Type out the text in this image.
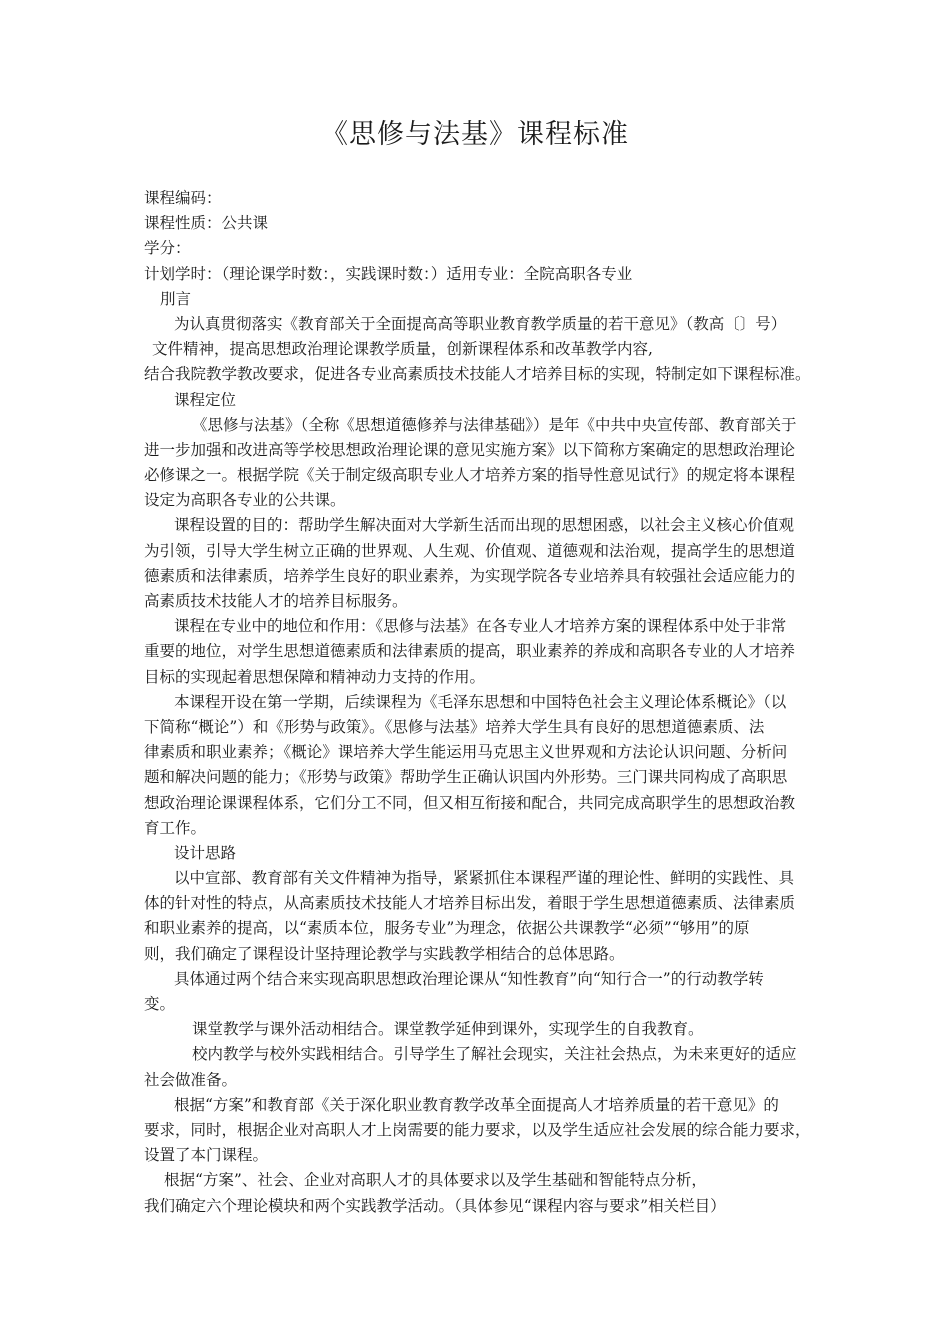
《思修与法基》课程标准
课程编码：
课程性质：公共课
学分：
计划学时：（理论课学时数：，实践课时数：）适用专业：全院高职各专业
刖言
为认真贯彻落实《教育部关于全面提高高等职业教育教学质量的若干意见》（教高〔〕号）
文件精神，提高思想政治理论课教学质量，创新课程体系和改革教学内容,
结合我院教学教改要求，促进各专业高素质技术技能人才培养目标的实现，特制定如下课程标准。
课程定位
《思修与法基》（全称《思想道德修养与法律基础》）是年《中共中央宣传部、教育部关于
进一步加强和改进高等学校思想政治理论课的意见实施方案》以下简称方案确定的思想政治理论
必修课之一。根据学院《关于制定级高职专业人才培养方案的指导性意见试行》的规定将本课程
设定为高职各专业的公共课。
课程设置的目的：帮助学生解决面对大学新生活而出现的思想困惑，以社会主义核心价值观
为引领，引导大学生树立正确的世界观、人生观、价值观、道德观和法治观，提高学生的思想道
德素质和法律素质，培养学生良好的职业素养，为实现学院各专业培养具有较强社会适应能力的
高素质技术技能人才的培养目标服务。
课程在专业中的地位和作用：《思修与法基》在各专业人才培养方案的课程体系中处于非常
重要的地位，对学生思想道德素质和法律素质的提高，职业素养的养成和高职各专业的人才培养
目标的实现起着思想保障和精神动力支持的作用。
本课程开设在第一学期，后续课程为《毛泽东思想和中国特色社会主义理论体系概论》（以
下简称“概论”）和《形势与政策》。《思修与法基》培养大学生具有良好的思想道德素质、法
律素质和职业素养；《概论》课培养大学生能运用马克思主义世界观和方法论认识问题、分析问
题和解决问题的能力；《形势与政策》帮助学生正确认识国内外形势。三门课共同构成了高职思
想政治理论课课程体系，它们分工不同，但又相互衔接和配合，共同完成高职学生的思想政治教
育工作。
设计思路
以中宣部、教育部有关文件精神为指导，紧紧抓住本课程严谨的理论性、鲜明的实践性、具
体的针对性的特点，从高素质技术技能人才培养目标出发，着眼于学生思想道德素质、法律素质
和职业素养的提高，以“素质本位，服务专业”为理念，依据公共课教学“必须”“够用”的原
则，我们确定了课程设计坚持理论教学与实践教学相结合的总体思路。
具体通过两个结合来实现高职思想政治理论课从“知性教育”向“知行合一”的行动教学转
变。
课堂教学与课外活动相结合。课堂教学延伸到课外，实现学生的自我教育。
校内教学与校外实践相结合。引导学生了解社会现实，关注社会热点，为未来更好的适应
社会做准备。
根据“方案”和教育部《关于深化职业教育教学改革全面提高人才培养质量的若干意见》的
要求，同时，根据企业对高职人才上岗需要的能力要求，以及学生适应社会发展的综合能力要求，
设置了本门课程。
根据“方案”、社会、企业对高职人才的具体要求以及学生基础和智能特点分析，
我们确定六个理论模块和两个实践教学活动。（具体参见“课程内容与要求”相关栏目）
